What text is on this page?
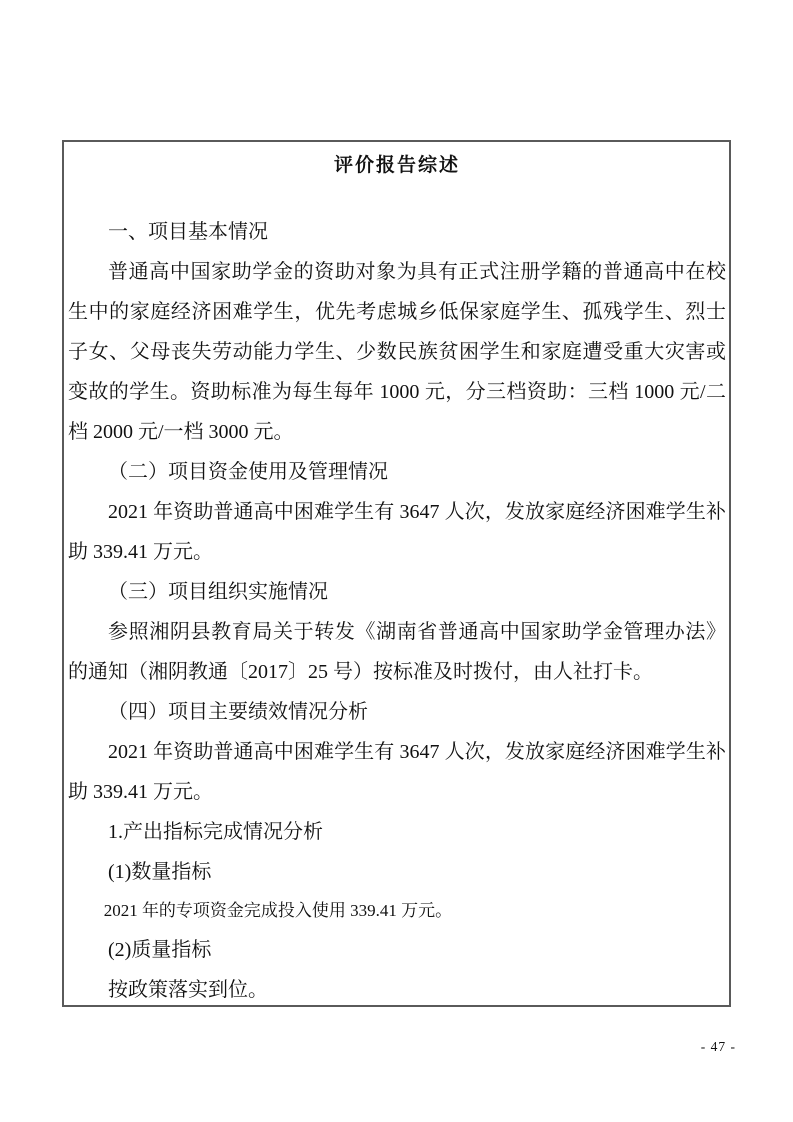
评价报告综述

一、项目基本情况

普通高中国家助学金的资助对象为具有正式注册学籍的普通高中在校生中的家庭经济困难学生，优先考虑城乡低保家庭学生、孤残学生、烈士子女、父母丧失劳动能力学生、少数民族贫困学生和家庭遭受重大灾害或变故的学生。资助标准为每生每年 1000 元，分三档资助：三档 1000 元/二档 2000 元/一档 3000 元。

（二）项目资金使用及管理情况

2021 年资助普通高中困难学生有 3647 人次，发放家庭经济困难学生补助 339.41 万元。

（三）项目组织实施情况

参照湘阴县教育局关于转发《湖南省普通高中国家助学金管理办法》的通知（湘阴教通〔2017〕25 号）按标准及时拨付，由人社打卡。

（四）项目主要绩效情况分析

2021 年资助普通高中困难学生有 3647 人次，发放家庭经济困难学生补助 339.41 万元。

1.产出指标完成情况分析

(1)数量指标

2021 年的专项资金完成投入使用 339.41 万元。

(2)质量指标

按政策落实到位。

- 47 -
